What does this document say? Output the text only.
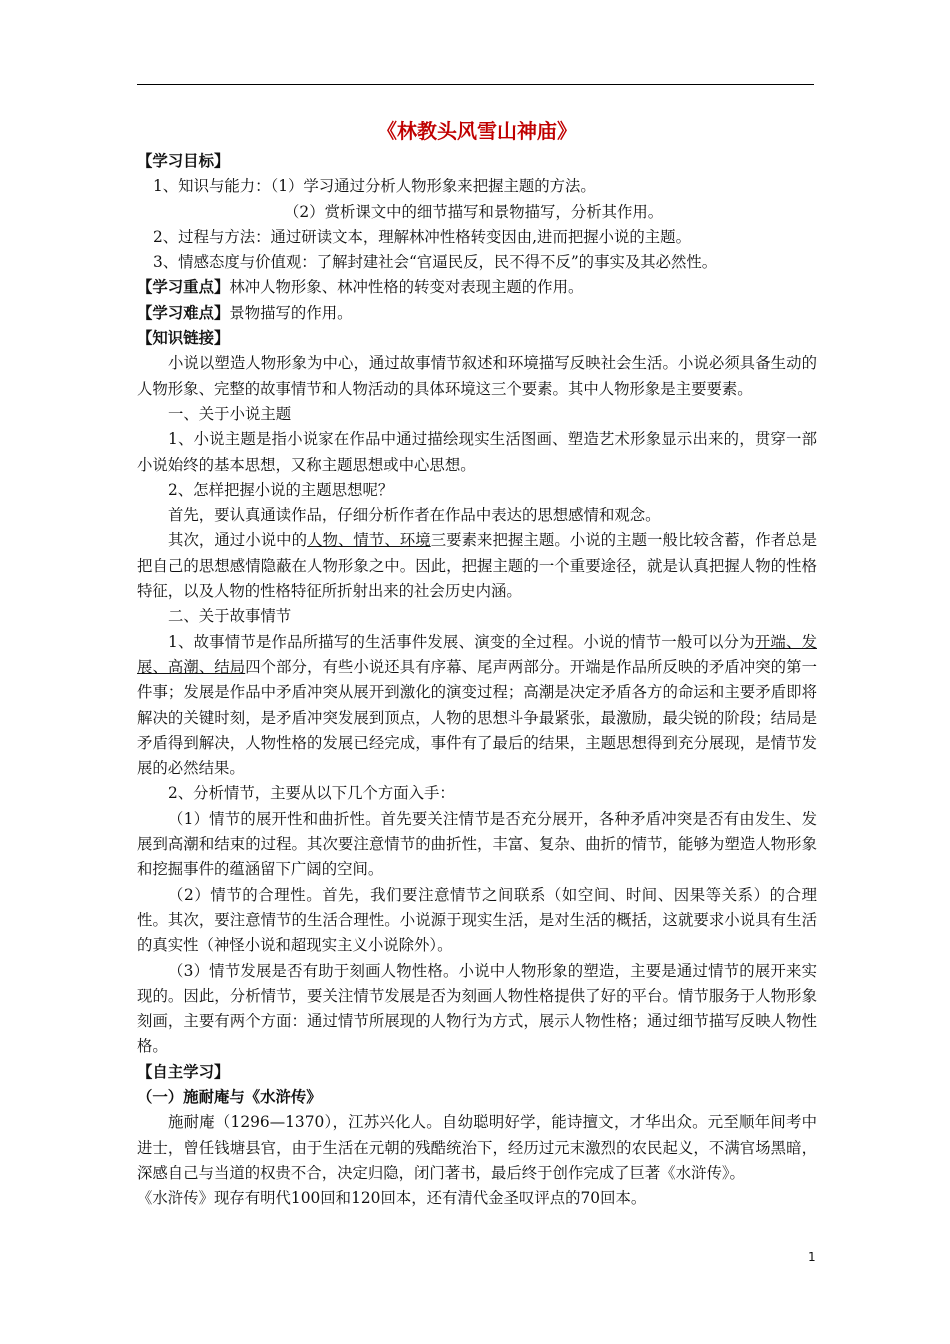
《林教头风雪山神庙》

【学习目标】

1、知识与能力：（1）学习通过分析人物形象来把握主题的方法。

（2）赏析课文中的细节描写和景物描写，分析其作用。

2、过程与方法：通过研读文本，理解林冲性格转变因由,进而把握小说的主题。

3、情感态度与价值观：了解封建社会“官逼民反，民不得不反”的事实及其必然性。

【学习重点】林冲人物形象、林冲性格的转变对表现主题的作用。

【学习难点】景物描写的作用。

【知识链接】

小说以塑造人物形象为中心，通过故事情节叙述和环境描写反映社会生活。小说必须具备生动的人物形象、完整的故事情节和人物活动的具体环境这三个要素。其中人物形象是主要要素。

一、关于小说主题

1、小说主题是指小说家在作品中通过描绘现实生活图画、塑造艺术形象显示出来的，贯穿一部小说始终的基本思想，又称主题思想或中心思想。

2、怎样把握小说的主题思想呢？

首先，要认真通读作品，仔细分析作者在作品中表达的思想感情和观念。

其次，通过小说中的人物、情节、环境三要素来把握主题。小说的主题一般比较含蓄，作者总是把自己的思想感情隐蔽在人物形象之中。因此，把握主题的一个重要途径，就是认真把握人物的性格特征，以及人物的性格特征所折射出来的社会历史内涵。

二、关于故事情节

1、故事情节是作品所描写的生活事件发展、演变的全过程。小说的情节一般可以分为开端、发展、高潮、结局四个部分，有些小说还具有序幕、尾声两部分。开端是作品所反映的矛盾冲突的第一件事；发展是作品中矛盾冲突从展开到激化的演变过程；高潮是决定矛盾各方的命运和主要矛盾即将解决的关键时刻，是矛盾冲突发展到顶点，人物的思想斗争最紧张，最激励，最尖锐的阶段；结局是矛盾得到解决，人物性格的发展已经完成，事件有了最后的结果，主题思想得到充分展现，是情节发展的必然结果。

2、分析情节，主要从以下几个方面入手：

（1）情节的展开性和曲折性。首先要关注情节是否充分展开，各种矛盾冲突是否有由发生、发展到高潮和结束的过程。其次要注意情节的曲折性，丰富、复杂、曲折的情节，能够为塑造人物形象和挖掘事件的蕴涵留下广阔的空间。

（2）情节的合理性。首先，我们要注意情节之间联系（如空间、时间、因果等关系）的合理性。其次，要注意情节的生活合理性。小说源于现实生活，是对生活的概括，这就要求小说具有生活的真实性（神怪小说和超现实主义小说除外）。

（3）情节发展是否有助于刻画人物性格。小说中人物形象的塑造，主要是通过情节的展开来实现的。因此，分析情节，要关注情节发展是否为刻画人物性格提供了好的平台。情节服务于人物形象刻画，主要有两个方面：通过情节所展现的人物行为方式，展示人物性格；通过细节描写反映人物性格。

【自主学习】

（一）施耐庵与《水浒传》

施耐庵（1296—1370），江苏兴化人。自幼聪明好学，能诗擅文，才华出众。元至顺年间考中进士，曾任钱塘县官，由于生活在元朝的残酷统治下，经历过元末激烈的农民起义，不满官场黑暗，深感自己与当道的权贵不合，决定归隐，闭门著书，最后终于创作完成了巨著《水浒传》。

《水浒传》现存有明代100回和120回本，还有清代金圣叹评点的70回本。

1
